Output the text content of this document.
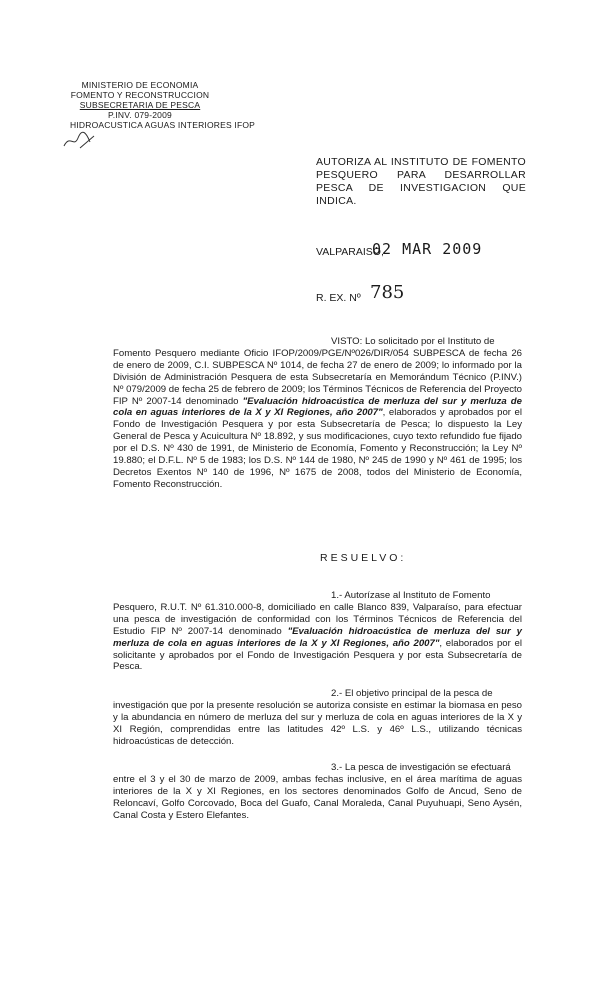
MINISTERIO DE ECONOMIA
FOMENTO Y RECONSTRUCCION
SUBSECRETARIA DE PESCA
P.INV. 079-2009
HIDROACUSTICA AGUAS INTERIORES IFOP
AUTORIZA AL INSTITUTO DE FOMENTO PESQUERO PARA DESARROLLAR PESCA DE INVESTIGACION QUE INDICA.
VALPARAISO,
02 MAR 2009
R. EX. Nº 785
VISTO: Lo solicitado por el Instituto de
Fomento Pesquero mediante Oficio IFOP/2009/PGE/Nº026/DIR/054 SUBPESCA de fecha 26 de enero de 2009, C.I. SUBPESCA Nº 1014, de fecha 27 de enero de 2009; lo informado por la División de Administración Pesquera de esta Subsecretaría en Memorándum Técnico (P.INV.) Nº 079/2009 de fecha 25 de febrero de 2009; los Términos Técnicos de Referencia del Proyecto FIP Nº 2007-14 denominado "Evaluación hidroacústica de merluza del sur y merluza de cola en aguas interiores de la X y XI Regiones, año 2007", elaborados y aprobados por el Fondo de Investigación Pesquera y por esta Subsecretaría de Pesca; lo dispuesto la Ley General de Pesca y Acuicultura Nº 18.892, y sus modificaciones, cuyo texto refundido fue fijado por el D.S. Nº 430 de 1991, de Ministerio de Economía, Fomento y Reconstrucción; la Ley Nº 19.880; el D.F.L. Nº 5 de 1983; los D.S. Nº 144 de 1980, Nº 245 de 1990 y Nº 461 de 1995; los Decretos Exentos Nº 140 de 1996, Nº 1675 de 2008, todos del Ministerio de Economía, Fomento Reconstrucción.
RESUELVO:
1.- Autorízase al Instituto de Fomento
Pesquero, R.U.T. Nº 61.310.000-8, domiciliado en calle Blanco 839, Valparaíso, para efectuar una pesca de investigación de conformidad con los Términos Técnicos de Referencia del Estudio FIP Nº 2007-14 denominado "Evaluación hidroacústica de merluza del sur y merluza de cola en aguas interiores de la X y XI Regiones, año 2007", elaborados por el solicitante y aprobados por el Fondo de Investigación Pesquera y por esta Subsecretaría de Pesca.
2.- El objetivo principal de la pesca de
investigación que por la presente resolución se autoriza consiste en estimar la biomasa en peso y la abundancia en número de merluza del sur y merluza de cola en aguas interiores de la X y XI Región, comprendidas entre las latitudes 42º L.S. y 46º L.S., utilizando técnicas hidroacústicas de detección.
3.- La pesca de investigación se efectuará
entre el 3 y el 30 de marzo de 2009, ambas fechas inclusive, en el área marítima de aguas interiores de la X y XI Regiones, en los sectores denominados Golfo de Ancud, Seno de Reloncaví, Golfo Corcovado, Boca del Guafo, Canal Moraleda, Canal Puyuhuapi, Seno Aysén, Canal Costa y Estero Elefantes.
